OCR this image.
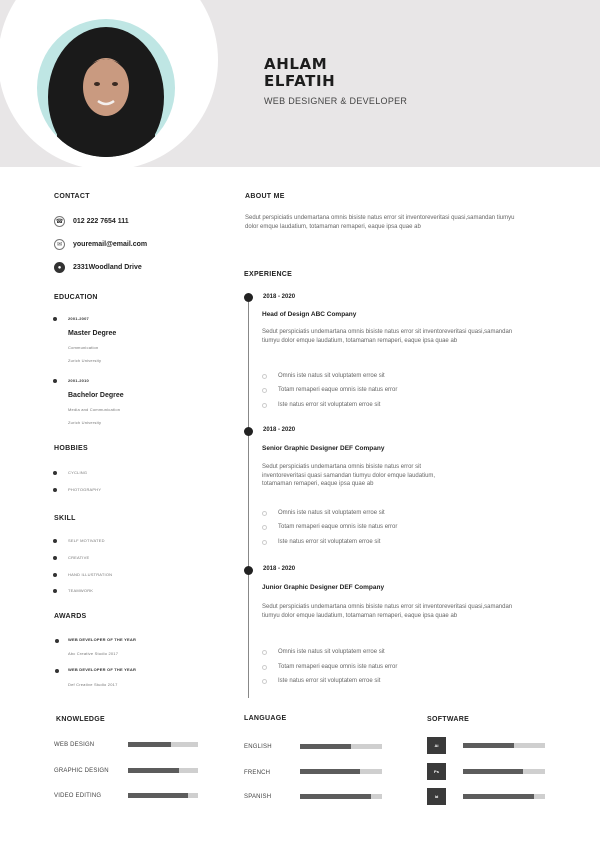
AHLAM
ELFATIH
WEB DESIGNER & DEVELOPER
CONTACT
☎ 012 222 7654 111
✉	youremail@email.com
●	2331Woodland Drive
EDUCATION
2001-2007
Master Degree
Communication
Zurich University
2001-2010
Bachelor Degree
Media and Communication
Zurich University
HOBBIES
CYCLING
PHOTOGRAPHY
SKILL
SELF MOTIVATED
CREATIVE
HAND ILLUSTRATION
TEAMWORK
AWARDS
WEB DEVELOPER OF THE YEAR
Abc Creative Studio 2017
WEB DEVELOPER OF THE YEAR
Def Creative Studio 2017
ABOUT ME
Sedut perspiciatis undemartana omnis bisiste natus error sit inventoreveritasi quasi,samandan tiumyu dolor emque laudatium, totamaman remaperi, eaque ipsa quae ab
EXPERIENCE
2018 - 2020
Head of Design ABC Company
Sedut perspiciatis undemartana omnis bisiste natus error sit inventoreveritasi quasi,samandan tiumyu dolor emque laudatium, totamaman remaperi, eaque ipsa quae ab
Omnis iste natus sit voluptatem erroe sit
Totam remaperi eaque omnis iste natus error
Iste natus error sit voluptatem erroe sit
2018 - 2020
Senior Graphic Designer DEF Company
Sedut perspiciatis undemartana omnis bisiste natus error sit inventoreveritasi quasi samandan tiumyu dolor emque laudatium, totamaman remaperi, eaque ipsa quae ab
Omnis iste natus sit voluptatem erroe sit
Totam remaperi eaque omnis iste natus error
Iste natus error sit voluptatem erroe sit
2018 - 2020
Junior Graphic Designer DEF Company
Sedut perspiciatis undemartana omnis bisiste natus error sit inventoreveritasi quasi,samandan tiumyu dolor emque laudatium, totamaman remaperi, eaque ipsa quae ab
Omnis iste natus sit voluptatem erroe sit
Totam remaperi eaque omnis iste natus error
Iste natus error sit voluptatem erroe sit
KNOWLEDGE
WEB DESIGN
GRAPHIC DESIGN
VIDEO EDITING
LANGUAGE
ENGLISH
FRENCH
SPANISH
SOFTWARE
Ai
Ps
Id
